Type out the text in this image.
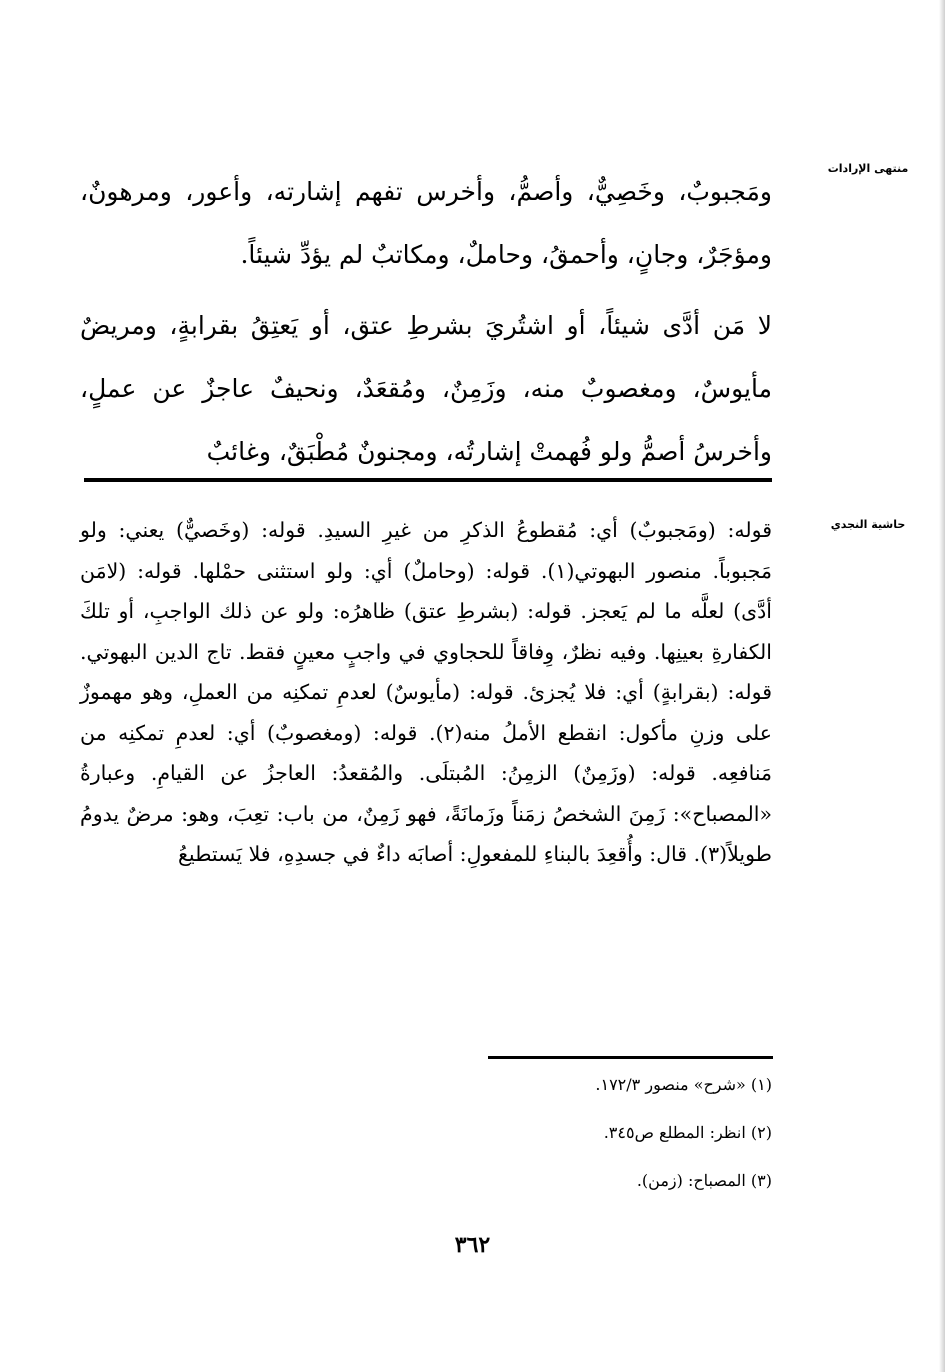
منتهى الإرادات
حاشية النجدي

ومَجبوبٌ، وخَصِيٌّ، وأصمُّ، وأخرس تفهم إشارته، وأعور، ومرهونٌ، ومؤجَرٌ، وجانٍ، وأحمقُ، وحاملٌ، ومكاتبٌ لم يؤدِّ شيئاً.

لا مَن أدَّى شيئاً، أو اشتُريَ بشرطِ عتق، أو يَعتِقُ بقرابةٍ، ومريضٌ مأيوسٌ، ومغصوبٌ منه، وزَمِنٌ، ومُقعَدٌ، ونحيفٌ عاجزٌ عن عملٍ، وأخرسُ أصمُّ ولو فُهمتْ إشارتُه، ومجنونٌ مُطْبَقٌ، وغائبٌ

قوله: (ومَجبوبٌ) أي: مُقطوعُ الذكرِ من غيرِ السيدِ. قوله: (وخَصيٌّ) يعني: ولو مَجبوباً. منصور البهوتي(١). قوله: (وحاملٌ) أي: ولو استثنى حمْلها. قوله: (لامَن أدَّى) لعلَّه ما لم يَعجز. قوله: (بشرطِ عتق) ظاهرُه: ولو عن ذلك الواجبِ، أو تلكَ الكفارةِ بعينِها. وفيه نظرٌ، وِفاقاً للحجاوي في واجبٍ معينٍ فقط. تاج الدين البهوتي. قوله: (بقرابةٍ) أي: فلا يُجزئ. قوله: (مأيوسٌ) لعدمِ تمكنِه من العملِ، وهو مهموزٌ على وزنِ مأكول: انقطع الأملُ منه(٢). قوله: (ومغصوبٌ) أي: لعدمِ تمكنِه من مَنافعِه. قوله: (وزَمِنٌ) الزمِنُ: المُبتلَى. والمُقعدُ: العاجزُ عن القيامِ. وعبارةُ «المصباح»: زَمِنَ الشخصُ زمَناً وزَمانَةً، فهو زَمِنٌ، من باب: تعِبَ، وهو: مرضٌ يدومُ طويلاً(٣). قال: وأُقعِدَ بالبناءِ للمفعولِ: أصابَه داءٌ في جسدِهِ، فلا يَستطيعُ

(١) «شرح» منصور ١٧٢/٣.
(٢) انظر: المطلع ص٣٤٥.
(٣) المصباح: (زمن).
٣٦٢
